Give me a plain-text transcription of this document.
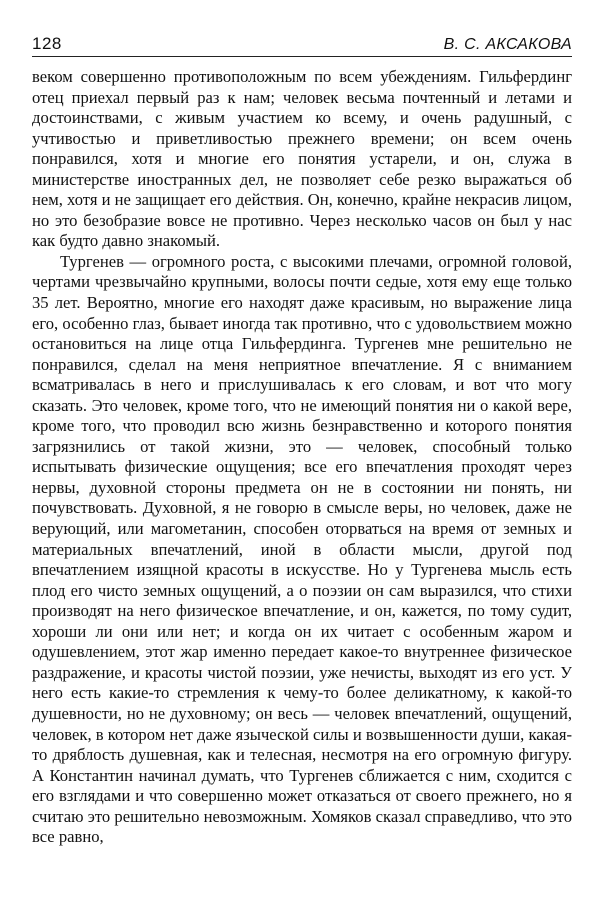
128	В. С. АКСАКОВА

веком совершенно противоположным по всем убеждениям. Гильфердинг отец приехал первый раз к нам; человек весьма почтенный и летами и достоинствами, с живым участием ко всему, и очень радушный, с учтивостью и приветливостью прежнего времени; он всем очень понравился, хотя и многие его понятия устарели, и он, служа в министерстве иностранных дел, не позволяет себе резко выражаться об нем, хотя и не защищает его действия. Он, конечно, крайне некрасив лицом, но это безобразие вовсе не противно. Через несколько часов он был у нас как будто давно знакомый.

Тургенев — огромного роста, с высокими плечами, огромной головой, чертами чрезвычайно крупными, волосы почти седые, хотя ему еще только 35 лет. Вероятно, многие его находят даже красивым, но выражение лица его, особенно глаз, бывает иногда так противно, что с удовольствием можно остановиться на лице отца Гильфердинга. Тургенев мне решительно не понравился, сделал на меня неприятное впечатление. Я с вниманием всматривалась в него и прислушивалась к его словам, и вот что могу сказать. Это человек, кроме того, что не имеющий понятия ни о какой вере, кроме того, что проводил всю жизнь безнравственно и которого понятия загрязнились от такой жизни, это — человек, способный только испытывать физические ощущения; все его впечатления проходят через нервы, духовной стороны предмета он не в состоянии ни понять, ни почувствовать. Духовной, я не говорю в смысле веры, но человек, даже не верующий, или магометанин, способен оторваться на время от земных и материальных впечатлений, иной в области мысли, другой под впечатлением изящной красоты в искусстве. Но у Тургенева мысль есть плод его чисто земных ощущений, а о поэзии он сам выразился, что стихи производят на него физическое впечатление, и он, кажется, по тому судит, хороши ли они или нет; и когда он их читает с особенным жаром и одушевлением, этот жар именно передает какое-то внутреннее физическое раздражение, и красоты чистой поэзии, уже нечисты, выходят из его уст. У него есть какие-то стремления к чему-то более деликатному, к какой-то душевности, но не духовному; он весь — человек впечатлений, ощущений, человек, в котором нет даже языческой силы и возвышенности души, какая-то дряблость душевная, как и телесная, несмотря на его огромную фигуру. А Константин начинал думать, что Тургенев сближается с ним, сходится с его взглядами и что совершенно может отказаться от своего прежнего, но я считаю это решительно невозможным. Хомяков сказал справедливо, что это все равно,
